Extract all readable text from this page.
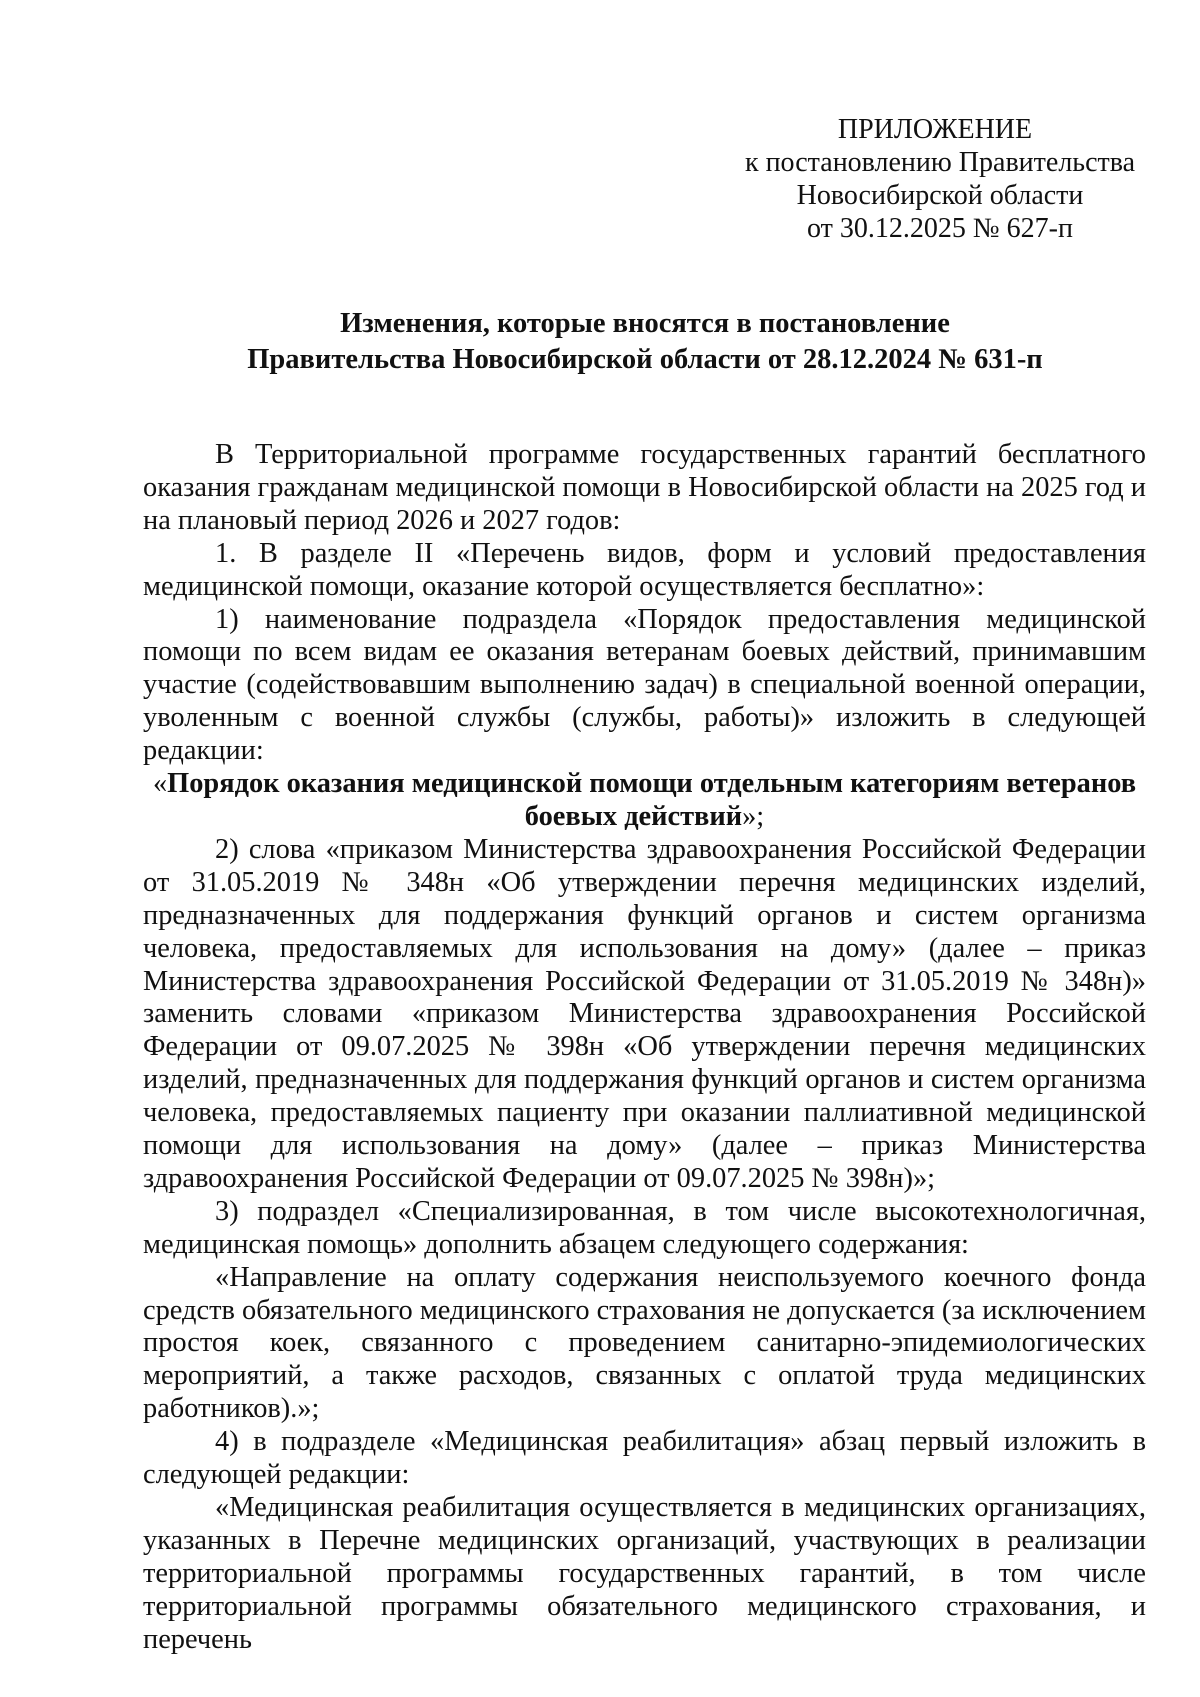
ПРИЛОЖЕНИЕ
к постановлению Правительства
Новосибирской области
от 30.12.2025 № 627-п
Изменения, которые вносятся в постановление
Правительства Новосибирской области от 28.12.2024 № 631-п

В Территориальной программе государственных гарантий бесплатного оказания гражданам медицинской помощи в Новосибирской области на 2025 год и на плановый период 2026 и 2027 годов:

1. В разделе II «Перечень видов, форм и условий предоставления медицинской помощи, оказание которой осуществляется бесплатно»:

1) наименование подраздела «Порядок предоставления медицинской помощи по всем видам ее оказания ветеранам боевых действий, принимавшим участие (содействовавшим выполнению задач) в специальной военной операции, уволенным с военной службы (службы, работы)» изложить в следующей редакции:

«Порядок оказания медицинской помощи отдельным категориям ветеранов боевых действий»;

2) слова «приказом Министерства здравоохранения Российской Федерации от 31.05.2019 № 348н «Об утверждении перечня медицинских изделий, предназначенных для поддержания функций органов и систем организма человека, предоставляемых для использования на дому» (далее – приказ Министерства здравоохранения Российской Федерации от 31.05.2019 № 348н)» заменить словами «приказом Министерства здравоохранения Российской Федерации от 09.07.2025 № 398н «Об утверждении перечня медицинских изделий, предназначенных для поддержания функций органов и систем организма человека, предоставляемых пациенту при оказании паллиативной медицинской помощи для использования на дому» (далее – приказ Министерства здравоохранения Российской Федерации от 09.07.2025 № 398н)»;

3) подраздел «Специализированная, в том числе высокотехнологичная, медицинская помощь» дополнить абзацем следующего содержания:

«Направление на оплату содержания неиспользуемого коечного фонда средств обязательного медицинского страхования не допускается (за исключением простоя коек, связанного с проведением санитарно-эпидемиологических мероприятий, а также расходов, связанных с оплатой труда медицинских работников).»;

4) в подразделе «Медицинская реабилитация» абзац первый изложить в следующей редакции:

«Медицинская реабилитация осуществляется в медицинских организациях, указанных в Перечне медицинских организаций, участвующих в реализации территориальной программы государственных гарантий, в том числе территориальной программы обязательного медицинского страхования, и перечень
